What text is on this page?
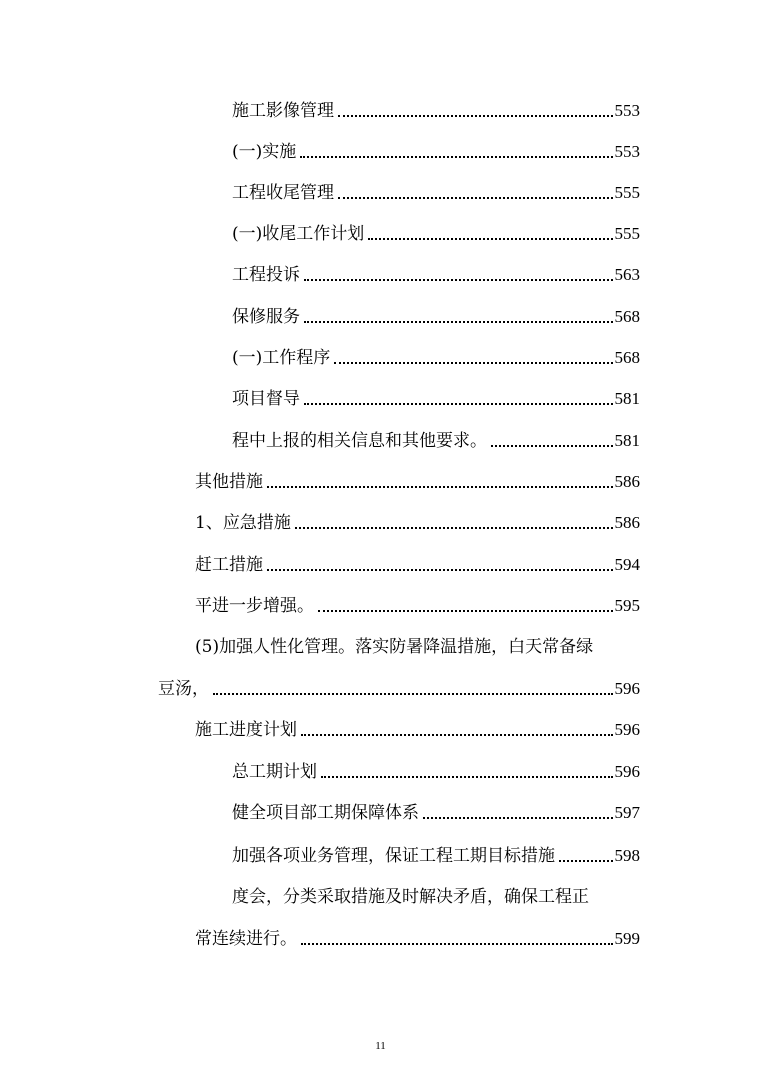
施工影像管理	553
(一)实施	553
工程收尾管理	555
(一)收尾工作计划	555
工程投诉	563
保修服务	568
(一)工作程序	568
项目督导	581
程中上报的相关信息和其他要求。	581
其他措施	586
1、应急措施	586
赶工措施	594
平进一步增强。	595
(5)加强人性化管理。落实防暑降温措施，白天常备绿
豆汤，	596
施工进度计划	596
总工期计划	596
健全项目部工期保障体系	597
加强各项业务管理，保证工程工期目标措施	598
度会，分类采取措施及时解决矛盾，确保工程正
常连续进行。	599
11
